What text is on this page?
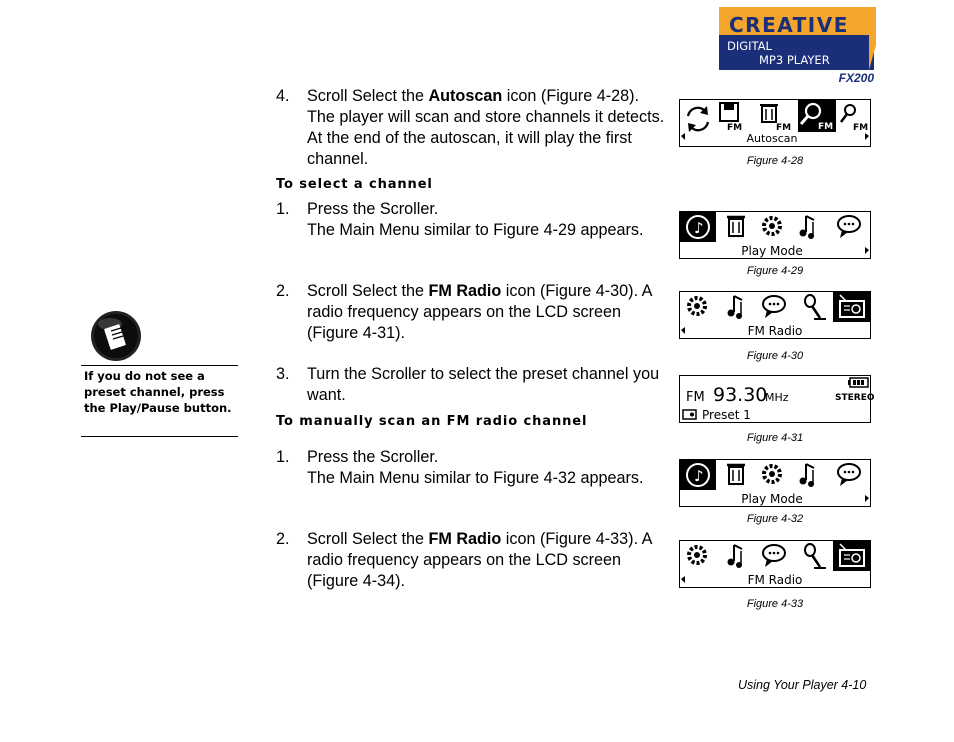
CREATIVE
DIGITAL
MP3 PLAYER
FX200
4.	Scroll Select the Autoscan icon (Figure 4-28). The player will scan and store channels it detects. At the end of the autoscan, it will play the first channel.
To select a channel
1.	Press the Scroller.
The Main Menu similar to Figure 4-29 appears.
2.	Scroll Select the FM Radio icon (Figure 4-30). A radio frequency appears on the LCD screen (Figure 4-31).
3.	Turn the Scroller to select the preset channel you want.
To manually scan an FM radio channel
1.	Press the Scroller.
The Main Menu similar to Figure 4-32 appears.
2.	Scroll Select the FM Radio icon (Figure 4-33). A radio frequency appears on the LCD screen (Figure 4-34).
If you do not see a preset channel, press the Play/Pause button.
FM	FM	FM FM
Autoscan
Figure 4-28
♪
Play Mode
Figure 4-29
FM Radio
Figure 4-30
FM 93.30
MHz	STEREO
Preset 1
Figure 4-31
♪
Play Mode
Figure 4-32
FM Radio
Figure 4-33
Using Your Player 4-10
